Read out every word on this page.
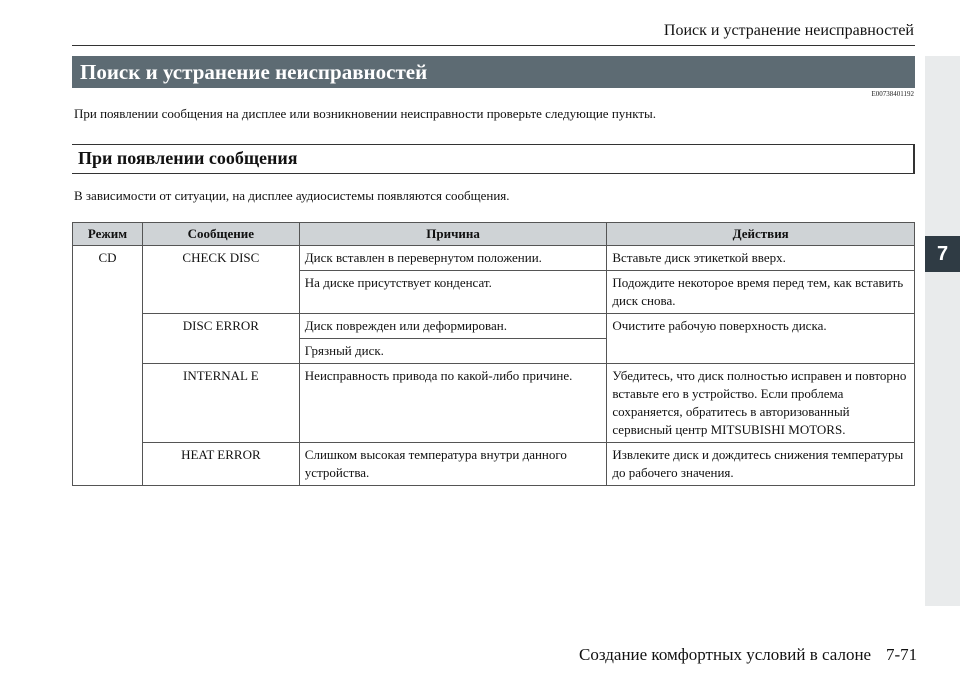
Поиск и устранение неисправностей
Поиск и устранение неисправностей
E00738401192
При появлении сообщения на дисплее или возникновении неисправности проверьте следующие пункты.
При появлении сообщения
В зависимости от ситуации, на дисплее аудиосистемы появляются сообщения.
Режим	Сообщение	Причина	Действия
CD	CHECK DISC	Диск вставлен в перевернутом положении.	Вставьте диск этикеткой вверх.
		На диске присутствует конденсат.	Подождите некоторое время перед тем, как вставить диск снова.
	DISC ERROR	Диск поврежден или деформирован.	Очистите рабочую поверхность диска.
		Грязный диск.	
	INTERNAL E	Неисправность привода по какой-либо причине.	Убедитесь, что диск полностью исправен и повторно вставьте его в устройство. Если проблема сохраняется, обратитесь в авторизованный сервисный центр MITSUBISHI MOTORS.
	HEAT ERROR	Слишком высокая температура внутри данного устройства.	Извлеките диск и дождитесь снижения температуры до рабочего значения.
7
Создание комфортных условий в салоне 7-71
